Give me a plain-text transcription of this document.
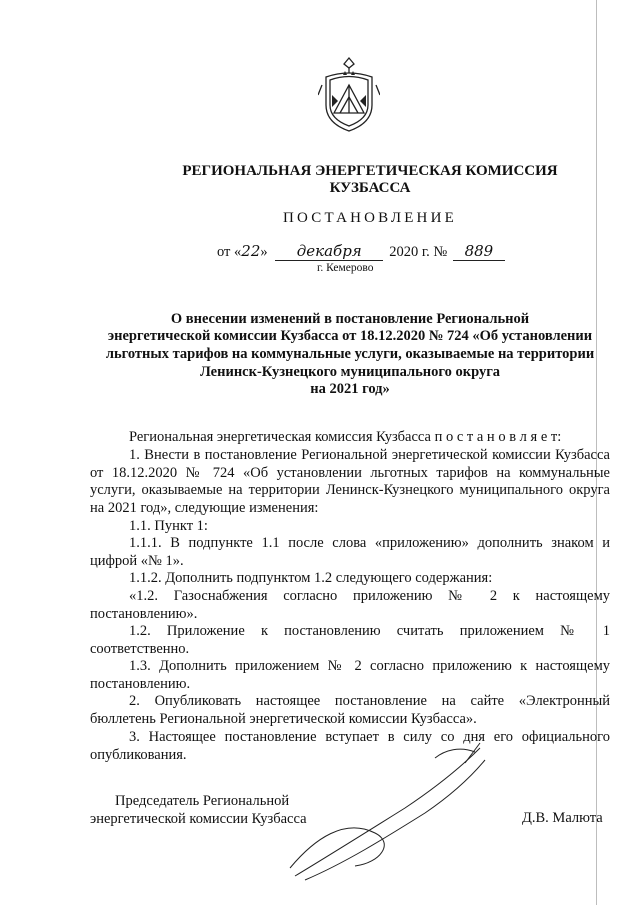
РЕГИОНАЛЬНАЯ ЭНЕРГЕТИЧЕСКАЯ КОМИССИЯ
КУЗБАССА
ПОСТАНОВЛЕНИЕ
от «22» декабря 2020 г. № 889
г. Кемерово
О внесении изменений в постановление Региональной
энергетической комиссии Кузбасса от 18.12.2020 № 724 «Об установлении
льготных тарифов на коммунальные услуги, оказываемые на территории
Ленинск-Кузнецкого муниципального округа
на 2021 год»
Региональная энергетическая комиссия Кузбасса п о с т а н о в л я е т:
1. Внести в постановление Региональной энергетической комиссии Кузбасса от 18.12.2020 № 724 «Об установлении льготных тарифов на коммунальные услуги, оказываемые на территории Ленинск-Кузнецкого муниципального округа на 2021 год», следующие изменения:
1.1. Пункт 1:
1.1.1. В подпункте 1.1 после слова «приложению» дополнить знаком и цифрой «№ 1».
1.1.2. Дополнить подпунктом 1.2 следующего содержания:
«1.2. Газоснабжения согласно приложению № 2 к настоящему постановлению».
1.2. Приложение к постановлению считать приложением № 1 соответственно.
1.3. Дополнить приложением № 2 согласно приложению к настоящему постановлению.
2. Опубликовать настоящее постановление на сайте «Электронный бюллетень Региональной энергетической комиссии Кузбасса».
3. Настоящее постановление вступает в силу со дня его официального опубликования.
Председатель Региональной
энергетической комиссии Кузбасса	Д.В. Малюта
